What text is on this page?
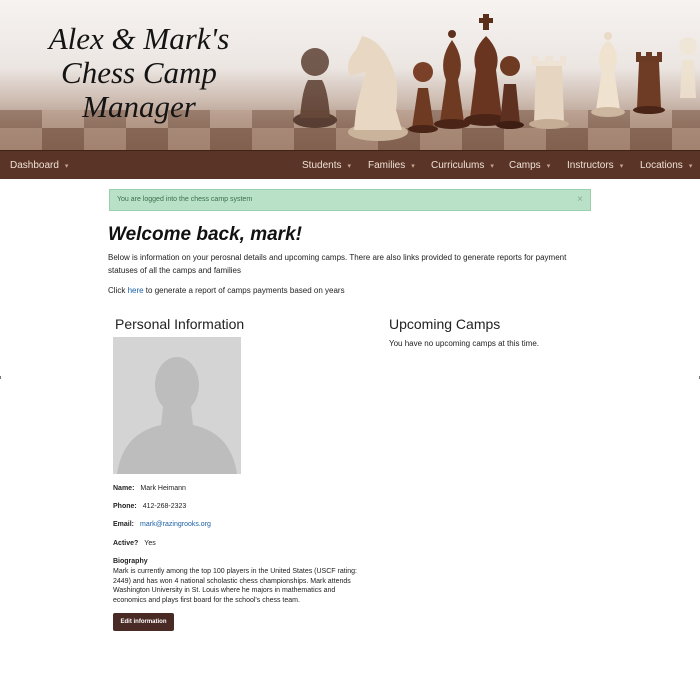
Alex & Mark's
Chess Camp
Manager
Dashboard ▾	Students ▾ Families ▾ Curriculums ▾ Camps ▾ Instructors ▾ Locations ▾
You are logged into the chess camp system	×
Welcome back, mark!

Below is information on your perosnal details and upcoming camps. There are also links provided to generate reports for payment statuses of all the camps and families

Click here to generate a report of camps payments based on years

Personal Information
Name: Mark Heimann
Phone: 412-268-2323
Email: mark@razingrooks.org
Active? Yes
Biography

Mark is currently among the top 100 players in the United States (USCF rating: 2449) and has won 4 national scholastic chess championships. Mark attends Washington University in St. Louis where he majors in mathematics and economics and plays first board for the school's chess team.

Edit information
Upcoming Camps

You have no upcoming camps at this time.
